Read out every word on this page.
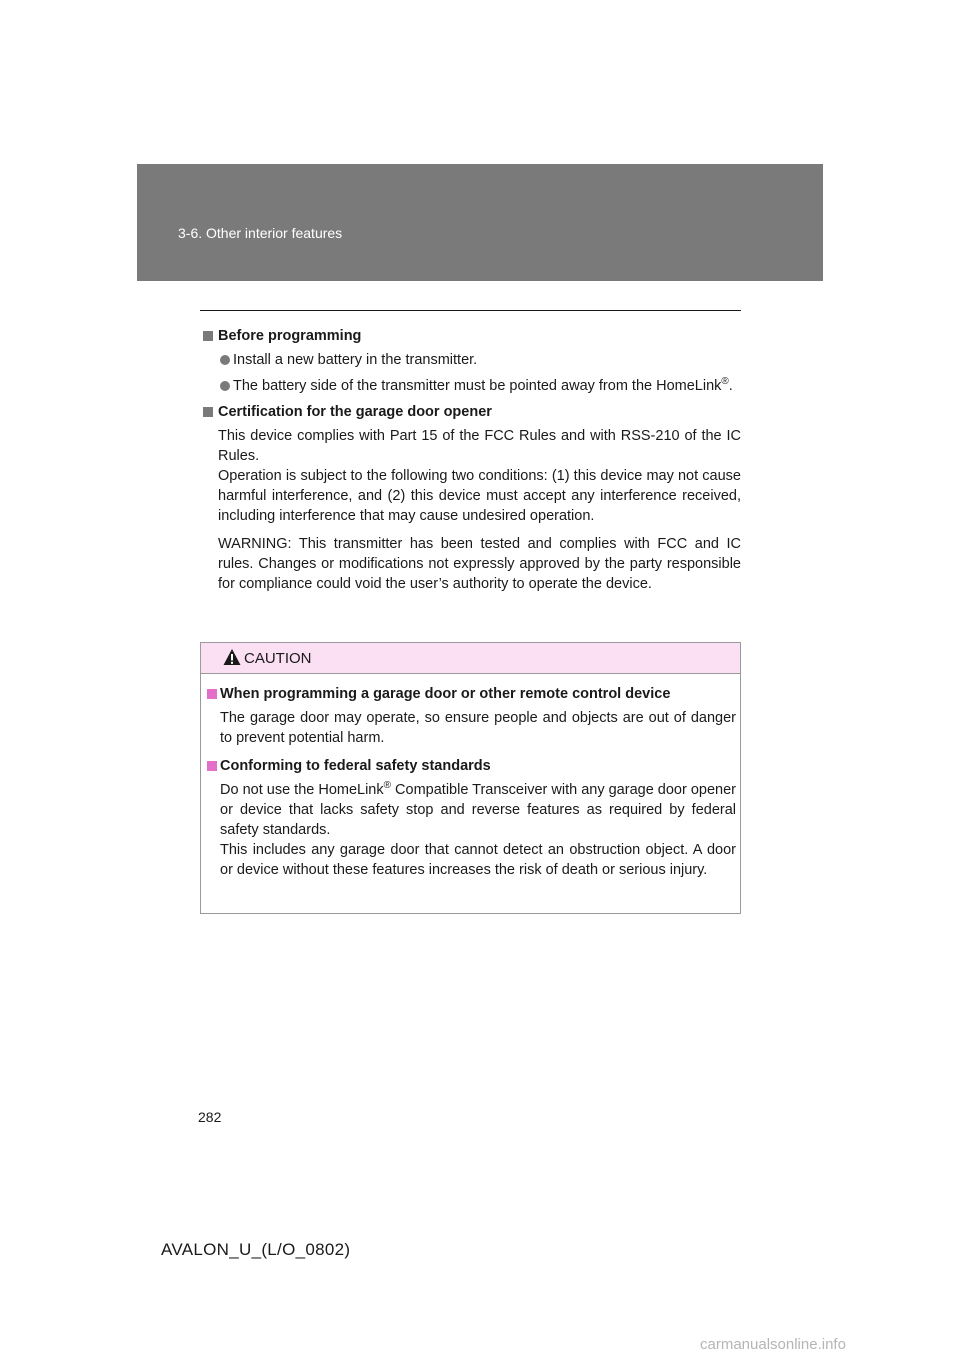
3-6. Other interior features

Before programming

Install a new battery in the transmitter.

The battery side of the transmitter must be pointed away from the HomeLink®.

Certification for the garage door opener

This device complies with Part 15 of the FCC Rules and with RSS-210 of the IC Rules.

Operation is subject to the following two conditions: (1) this device may not cause harmful interference, and (2) this device must accept any interference received, including interference that may cause undesired operation.

WARNING: This transmitter has been tested and complies with FCC and IC rules. Changes or modifications not expressly approved by the party responsible for compliance could void the user’s authority to operate the device.

CAUTION

When programming a garage door or other remote control device

The garage door may operate, so ensure people and objects are out of danger to prevent potential harm.

Conforming to federal safety standards

Do not use the HomeLink® Compatible Transceiver with any garage door opener or device that lacks safety stop and reverse features as required by federal safety standards.

This includes any garage door that cannot detect an obstruction object. A door or device without these features increases the risk of death or serious injury.

282
AVALON_U_(L/O_0802)
carmanualsonline.info
